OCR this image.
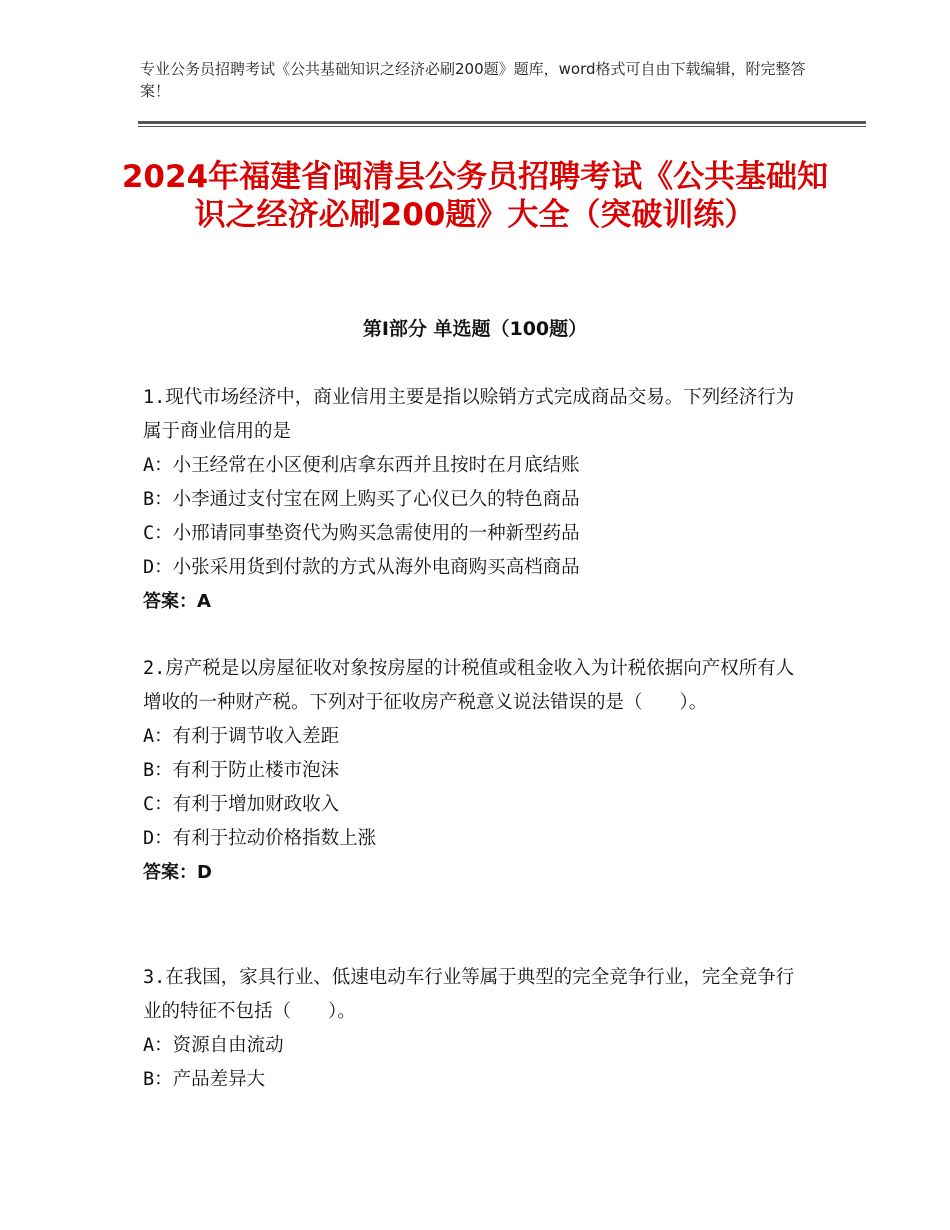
专业公务员招聘考试《公共基础知识之经济必刷200题》题库，word格式可自由下载编辑，附完整答案！
2024年福建省闽清县公务员招聘考试《公共基础知识之经济必刷200题》大全（突破训练）
第Ⅰ部分 单选题（100题）
1.现代市场经济中，商业信用主要是指以赊销方式完成商品交易。下列经济行为属于商业信用的是
A：小王经常在小区便利店拿东西并且按时在月底结账
B：小李通过支付宝在网上购买了心仪已久的特色商品
C：小邢请同事垫资代为购买急需使用的一种新型药品
D：小张采用货到付款的方式从海外电商购买高档商品
答案：A
2.房产税是以房屋征收对象按房屋的计税值或租金收入为计税依据向产权所有人增收的一种财产税。下列对于征收房产税意义说法错误的是（　　）。
A：有利于调节收入差距
B：有利于防止楼市泡沫
C：有利于增加财政收入
D：有利于拉动价格指数上涨
答案：D
3.在我国，家具行业、低速电动车行业等属于典型的完全竞争行业，完全竞争行业的特征不包括（　　）。
A：资源自由流动
B：产品差异大
